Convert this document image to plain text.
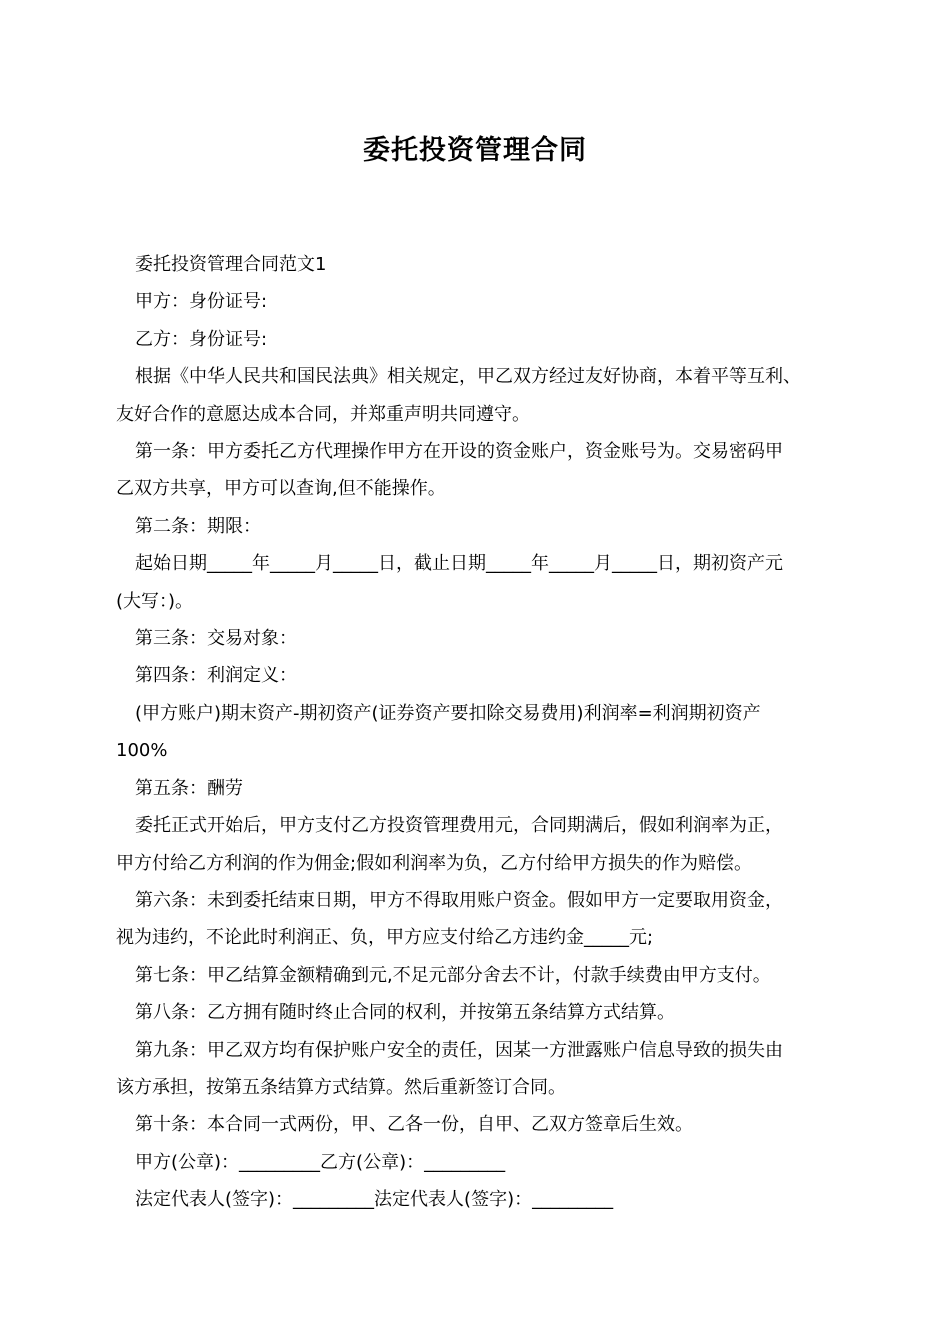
委托投资管理合同

委托投资管理合同范文1

甲方：身份证号:

乙方：身份证号:

根据《中华人民共和国民法典》相关规定，甲乙双方经过友好协商，本着平等互利、

友好合作的意愿达成本合同，并郑重声明共同遵守。

第一条：甲方委托乙方代理操作甲方在开设的资金账户，资金账号为。交易密码甲

乙双方共享，甲方可以查询,但不能操作。

第二条：期限：

起始日期_____年_____月_____日，截止日期_____年_____月_____日，期初资产元

(大写：)。

第三条：交易对象：

第四条：利润定义：

(甲方账户)期末资产-期初资产(证券资产要扣除交易费用)利润率=利润期初资产

100%

第五条：酬劳

委托正式开始后，甲方支付乙方投资管理费用元，合同期满后，假如利润率为正，

甲方付给乙方利润的作为佣金;假如利润率为负，乙方付给甲方损失的作为赔偿。

第六条：未到委托结束日期，甲方不得取用账户资金。假如甲方一定要取用资金，

视为违约，不论此时利润正、负，甲方应支付给乙方违约金_____元;

第七条：甲乙结算金额精确到元,不足元部分舍去不计，付款手续费由甲方支付。

第八条：乙方拥有随时终止合同的权利，并按第五条结算方式结算。

第九条：甲乙双方均有保护账户安全的责任，因某一方泄露账户信息导致的损失由

该方承担，按第五条结算方式结算。然后重新签订合同。

第十条：本合同一式两份，甲、乙各一份，自甲、乙双方签章后生效。

甲方(公章)：_________乙方(公章)：_________

法定代表人(签字)：_________法定代表人(签字)：_________
